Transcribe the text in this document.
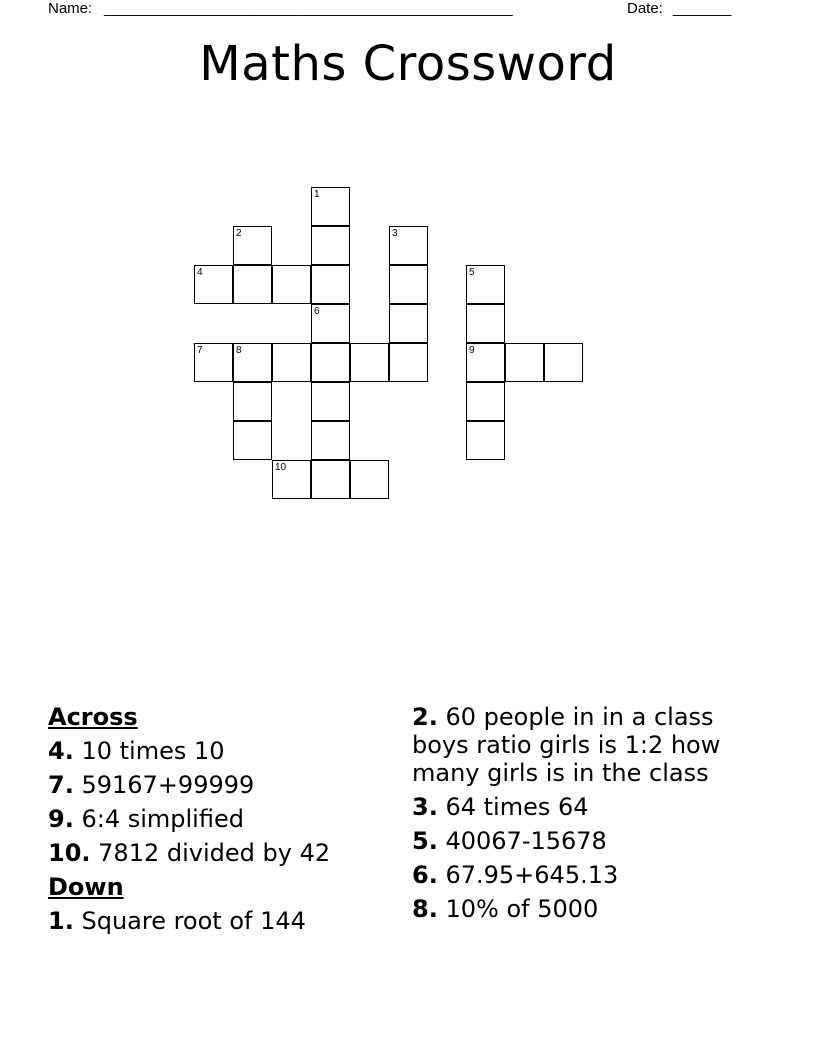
Name: _________________________________________________	Date: _______
Maths Crossword
1
2	3
4	5
6
7	8	9
10
Across
4. 10 times 10
7. 59167+99999
9. 6:4 simplified
10. 7812 divided by 42
Down
1. Square root of 144
2. 60 people in in a class boys ratio girls is 1:2 how many girls is in the class
3. 64 times 64
5. 40067-15678
6. 67.95+645.13
8. 10% of 5000
